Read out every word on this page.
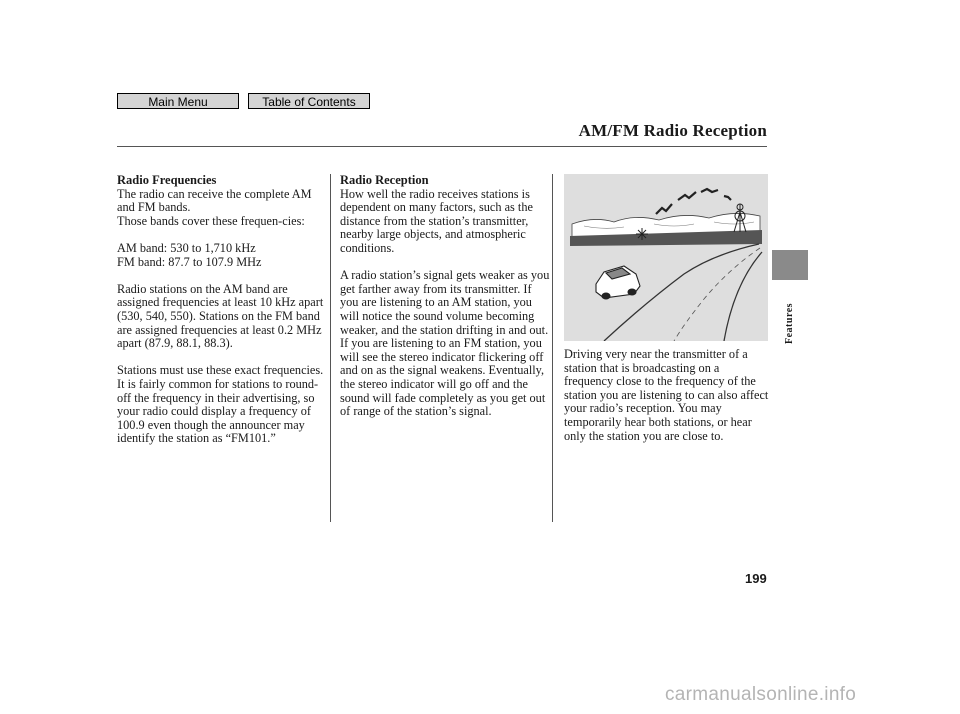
Main Menu	Table of Contents
AM/FM Radio Reception
Radio Frequencies

The radio can receive the complete AM and FM bands.

Those bands cover these frequen-cies:

AM band: 530 to 1,710 kHz
FM band: 87.7 to 107.9 MHz

Radio stations on the AM band are assigned frequencies at least 10 kHz apart (530, 540, 550). Stations on the FM band are assigned frequencies at least 0.2 MHz apart (87.9, 88.1, 88.3).

Stations must use these exact frequencies. It is fairly common for stations to round-off the frequency in their advertising, so your radio could display a frequency of 100.9 even though the announcer may identify the station as “FM101.”

Radio Reception

How well the radio receives stations is dependent on many factors, such as the distance from the station’s transmitter, nearby large objects, and atmospheric conditions.

A radio station’s signal gets weaker as you get farther away from its transmitter. If you are listening to an AM station, you will notice the sound volume becoming weaker, and the station drifting in and out. If you are listening to an FM station, you will see the stereo indicator flickering off and on as the signal weakens. Eventually, the stereo indicator will go off and the sound will fade completely as you get out of range of the station’s signal.

Driving very near the transmitter of a station that is broadcasting on a frequency close to the frequency of the station you are listening to can also affect your radio’s reception. You may temporarily hear both stations, or hear only the station you are close to.

Features
199
carmanualsonline.info
